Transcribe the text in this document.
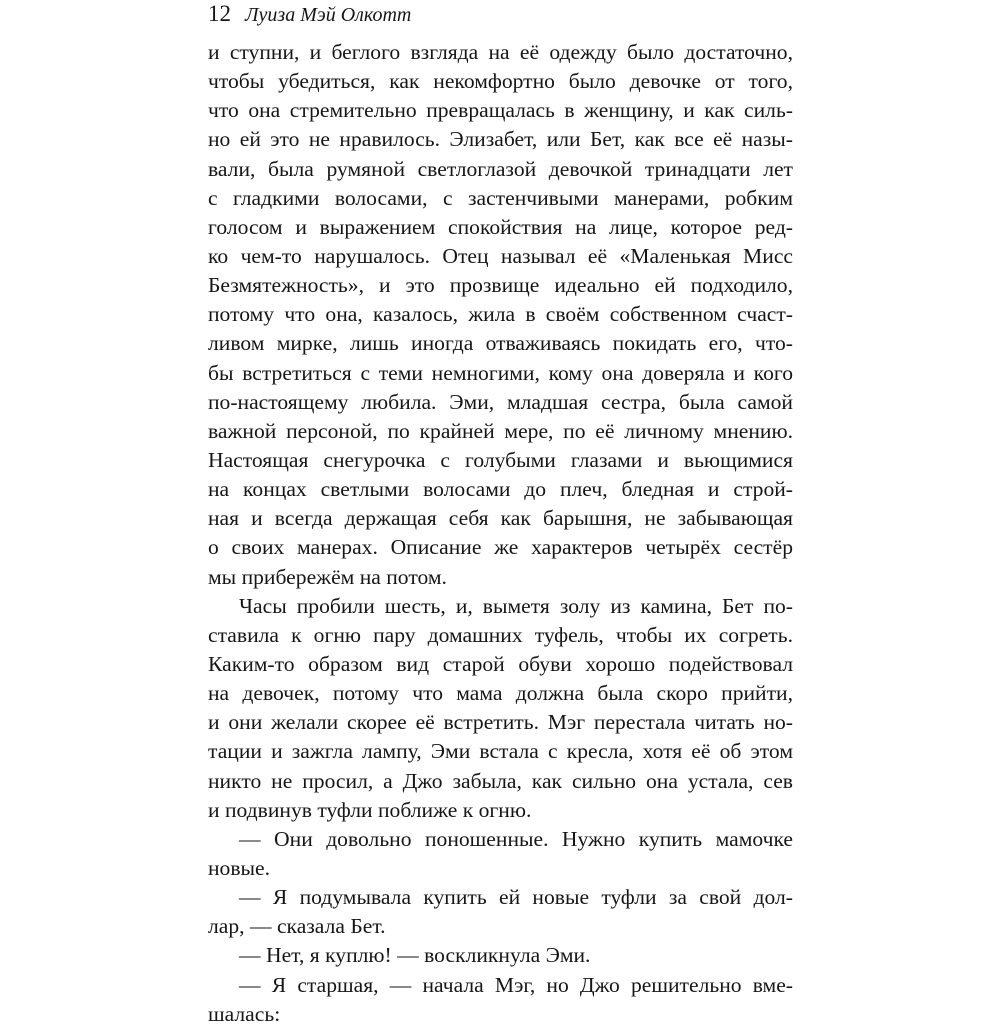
12 Луиза Мэй Олкотт
и ступни, и беглого взгляда на её одежду было достаточно,
чтобы убедиться, как некомфортно было девочке от того,
что она стремительно превращалась в женщину, и как силь-
но ей это не нравилось. Элизабет, или Бет, как все её назы-
вали, была румяной светлоглазой девочкой тринадцати лет
с гладкими волосами, с застенчивыми манерами, робким
голосом и выражением спокойствия на лице, которое ред-
ко чем-то нарушалось. Отец называл её «Маленькая Мисс
Безмятежность», и это прозвище идеально ей подходило,
потому что она, казалось, жила в своём собственном счаст-
ливом мирке, лишь иногда отваживаясь покидать его, что-
бы встретиться с теми немногими, кому она доверяла и кого
по-настоящему любила. Эми, младшая сестра, была самой
важной персоной, по крайней мере, по её личному мнению.
Настоящая снегурочка с голубыми глазами и вьющимися
на концах светлыми волосами до плеч, бледная и строй-
ная и всегда держащая себя как барышня, не забывающая
о своих манерах. Описание же характеров четырёх сестёр
мы прибережём на потом.
Часы пробили шесть, и, выметя золу из камина, Бет по-
ставила к огню пару домашних туфель, чтобы их согреть.
Каким-то образом вид старой обуви хорошо подействовал
на девочек, потому что мама должна была скоро прийти,
и они желали скорее её встретить. Мэг перестала читать но-
тации и зажгла лампу, Эми встала с кресла, хотя её об этом
никто не просил, а Джо забыла, как сильно она устала, сев
и подвинув туфли поближе к огню.
— Они довольно поношенные. Нужно купить мамочке
новые.
— Я подумывала купить ей новые туфли за свой дол-
лар, — сказала Бет.
— Нет, я куплю! — воскликнула Эми.
— Я старшая, — начала Мэг, но Джо решительно вме-
шалась:
